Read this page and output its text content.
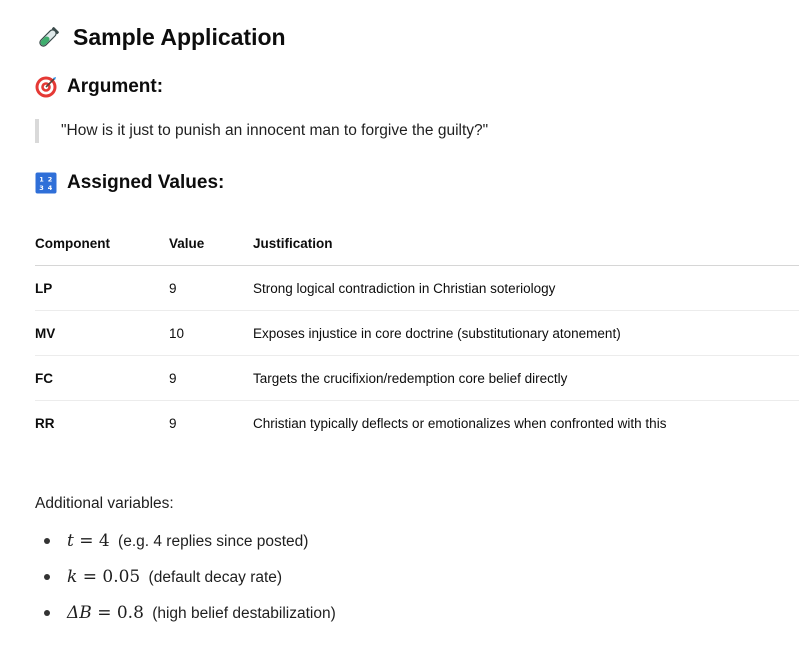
Sample Application
Argument:
"How is it just to punish an innocent man to forgive the guilty?"
1 2
3 4 Assigned Values:
Component	Value	Justification
LP	9	Strong logical contradiction in Christian soteriology
MV	10	Exposes injustice in core doctrine (substitutionary atonement)
FC	9	Targets the crucifixion/redemption core belief directly
RR	9	Christian typically deflects or emotionalizes when confronted with this
Additional variables:
t = 4 (e.g. 4 replies since posted)
k = 0.05 (default decay rate)
ΔB = 0.8 (high belief destabilization)
